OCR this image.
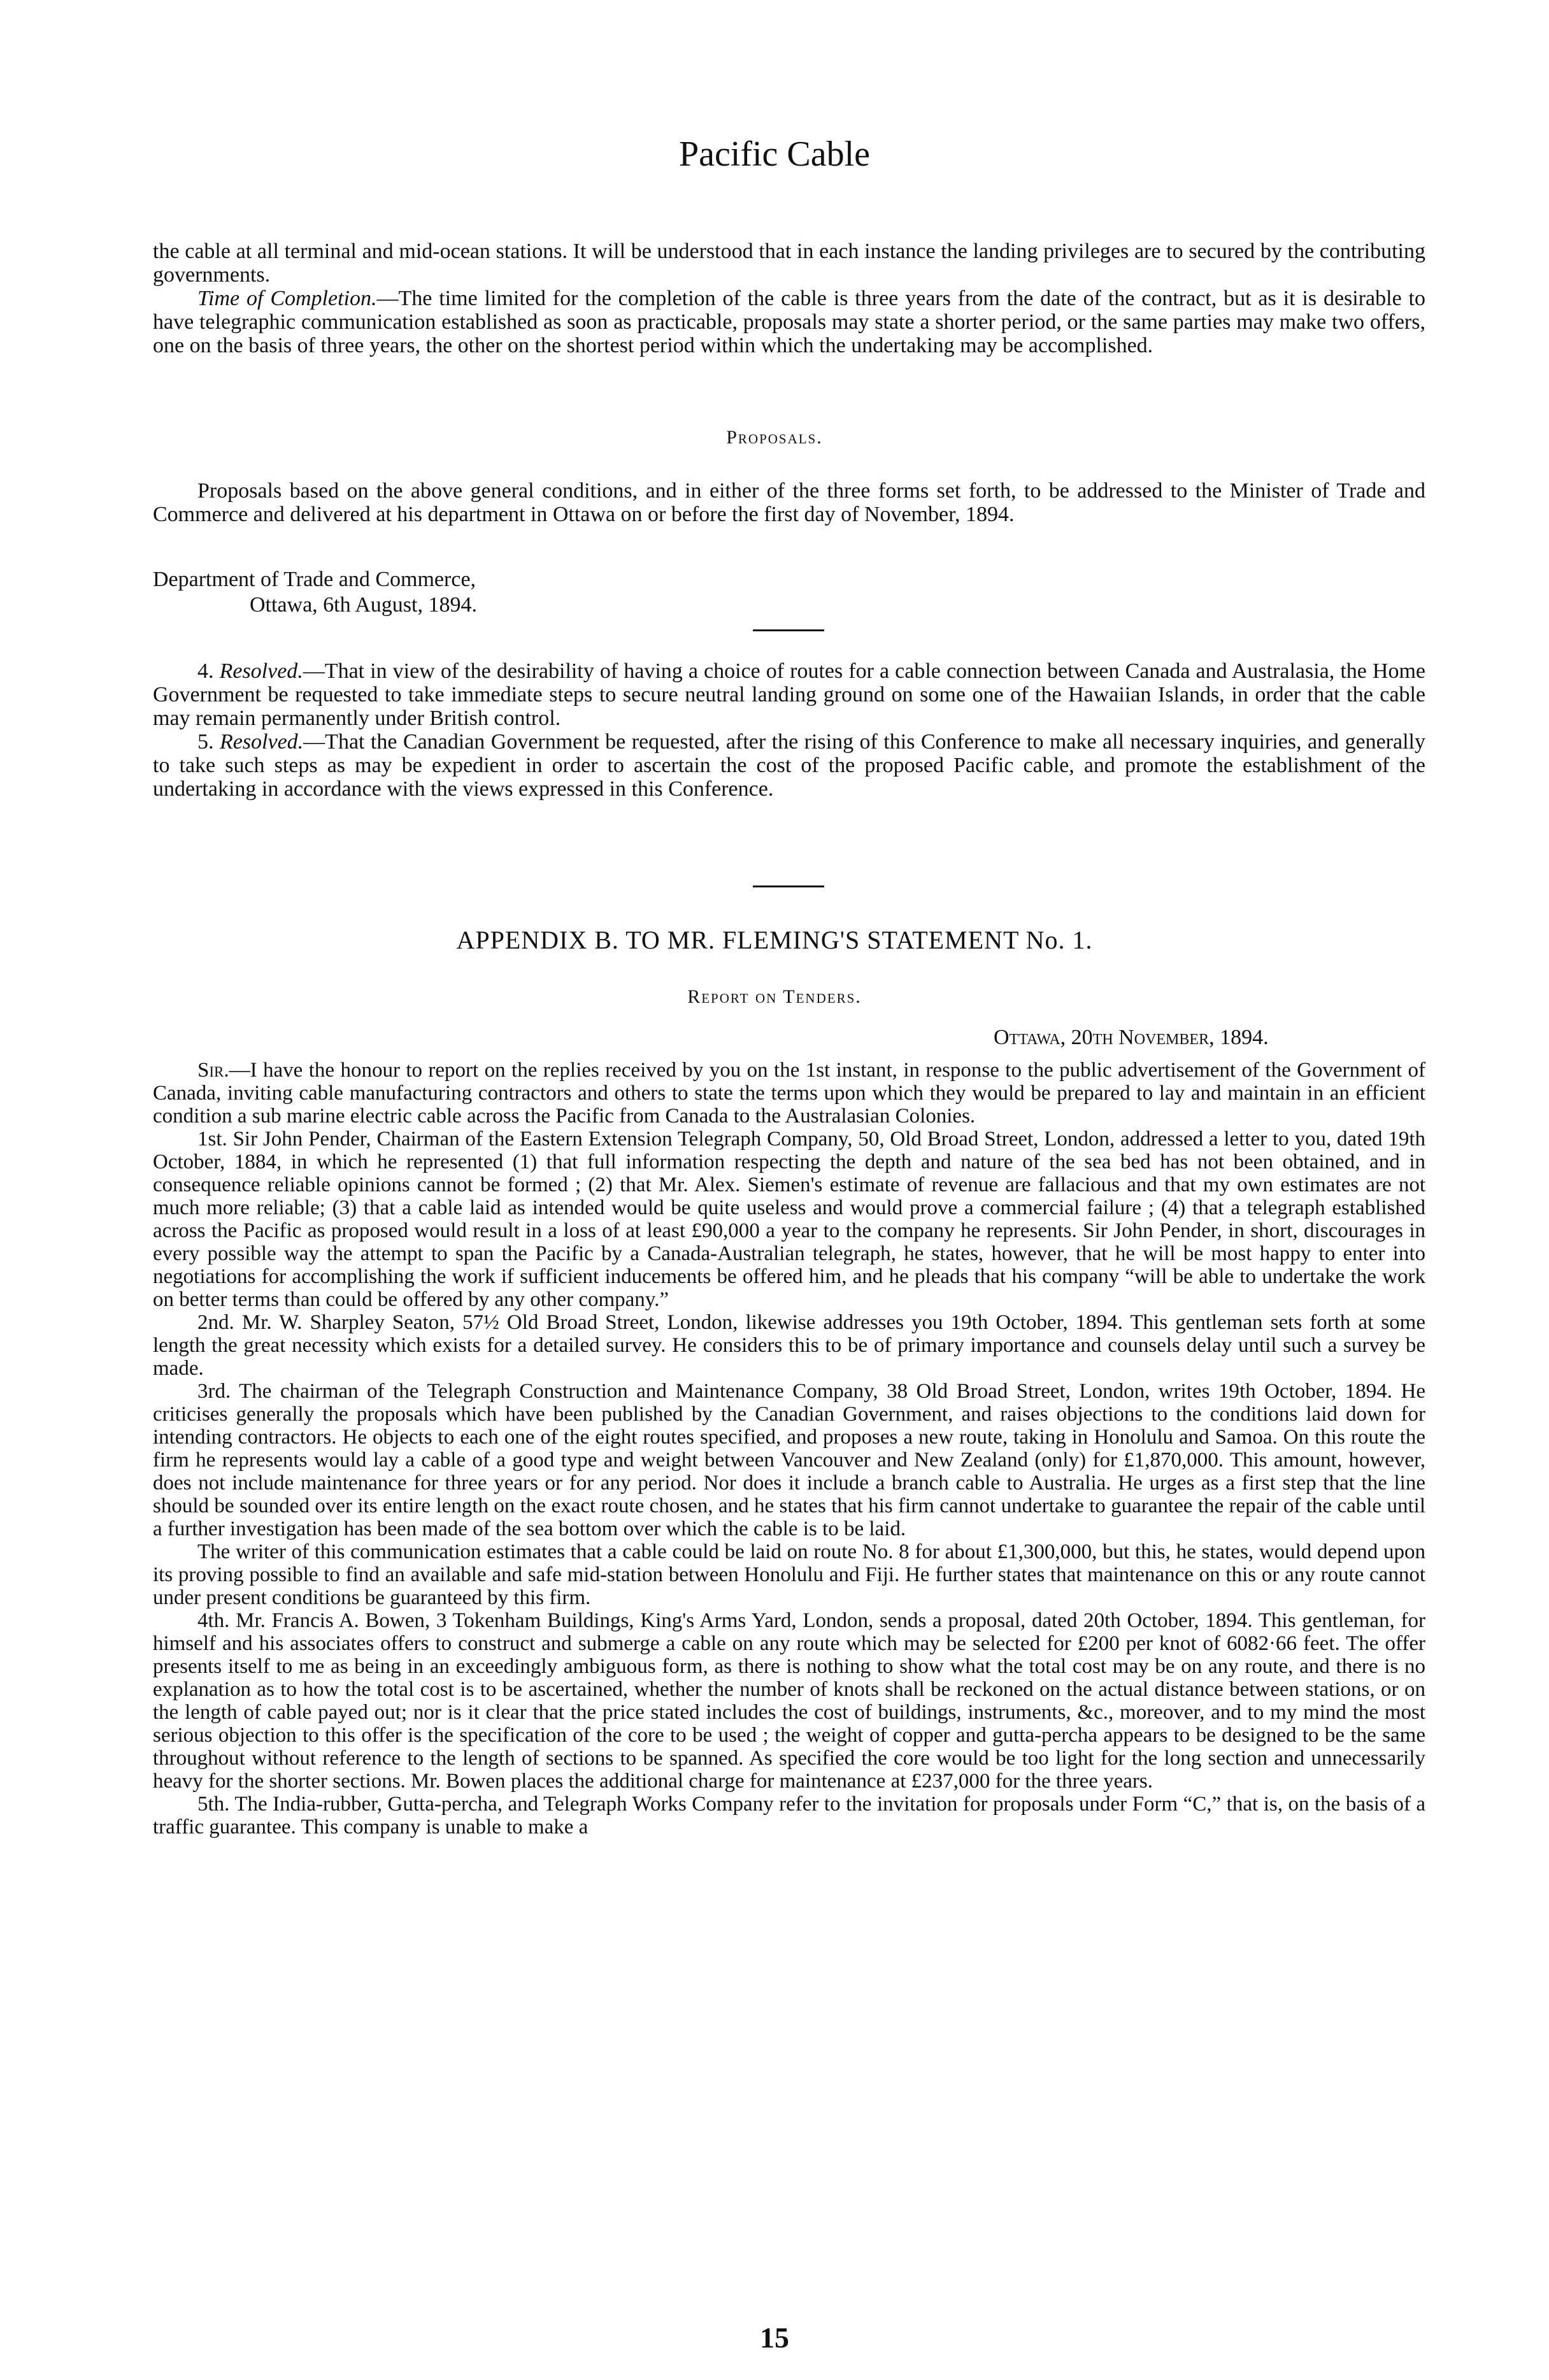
Pacific Cable

the cable at all terminal and mid-ocean stations. It will be understood that in each instance the landing privileges are to secured by the contributing governments.

Time of Completion.—The time limited for the completion of the cable is three years from the date of the contract, but as it is desirable to have telegraphic communication established as soon as practicable, proposals may state a shorter period, or the same parties may make two offers, one on the basis of three years, the other on the shortest period within which the undertaking may be accomplished.

Proposals.

Proposals based on the above general conditions, and in either of the three forms set forth, to be addressed to the Minister of Trade and Commerce and delivered at his department in Ottawa on or before the first day of November, 1894.

Department of Trade and Commerce,
Ottawa, 6th August, 1894.

4. Resolved.—That in view of the desirability of having a choice of routes for a cable connection between Canada and Australasia, the Home Government be requested to take immediate steps to secure neutral landing ground on some one of the Hawaiian Islands, in order that the cable may remain permanently under British control.

5. Resolved.—That the Canadian Government be requested, after the rising of this Conference to make all necessary inquiries, and generally to take such steps as may be expedient in order to ascertain the cost of the proposed Pacific cable, and promote the establishment of the undertaking in accordance with the views expressed in this Conference.

APPENDIX B. TO MR. FLEMING'S STATEMENT No. 1.
Report on Tenders.
Ottawa, 20th November, 1894.

Sir.—I have the honour to report on the replies received by you on the 1st instant, in response to the public advertisement of the Government of Canada, inviting cable manufacturing contractors and others to state the terms upon which they would be prepared to lay and maintain in an efficient condition a sub marine electric cable across the Pacific from Canada to the Australasian Colonies.

1st. Sir John Pender, Chairman of the Eastern Extension Telegraph Company, 50, Old Broad Street, London, addressed a letter to you, dated 19th October, 1884, in which he represented (1) that full information respecting the depth and nature of the sea bed has not been obtained, and in consequence reliable opinions cannot be formed ; (2) that Mr. Alex. Siemen's estimate of revenue are fallacious and that my own estimates are not much more reliable; (3) that a cable laid as intended would be quite useless and would prove a commercial failure ; (4) that a telegraph established across the Pacific as proposed would result in a loss of at least £90,000 a year to the company he represents. Sir John Pender, in short, discourages in every possible way the attempt to span the Pacific by a Canada-Australian telegraph, he states, however, that he will be most happy to enter into negotiations for accomplishing the work if sufficient inducements be offered him, and he pleads that his company “will be able to undertake the work on better terms than could be offered by any other company.”

2nd. Mr. W. Sharpley Seaton, 57½ Old Broad Street, London, likewise addresses you 19th October, 1894. This gentleman sets forth at some length the great necessity which exists for a detailed survey. He considers this to be of primary importance and counsels delay until such a survey be made.

3rd. The chairman of the Telegraph Construction and Maintenance Company, 38 Old Broad Street, London, writes 19th October, 1894. He criticises generally the proposals which have been published by the Canadian Government, and raises objections to the conditions laid down for intending contractors. He objects to each one of the eight routes specified, and proposes a new route, taking in Honolulu and Samoa. On this route the firm he represents would lay a cable of a good type and weight between Vancouver and New Zealand (only) for £1,870,000. This amount, however, does not include maintenance for three years or for any period. Nor does it include a branch cable to Australia. He urges as a first step that the line should be sounded over its entire length on the exact route chosen, and he states that his firm cannot undertake to guarantee the repair of the cable until a further investigation has been made of the sea bottom over which the cable is to be laid.

The writer of this communication estimates that a cable could be laid on route No. 8 for about £1,300,000, but this, he states, would depend upon its proving possible to find an available and safe mid-station between Honolulu and Fiji. He further states that maintenance on this or any route cannot under present conditions be guaranteed by this firm.

4th. Mr. Francis A. Bowen, 3 Tokenham Buildings, King's Arms Yard, London, sends a proposal, dated 20th October, 1894. This gentleman, for himself and his associates offers to construct and submerge a cable on any route which may be selected for £200 per knot of 6082·66 feet. The offer presents itself to me as being in an exceedingly ambiguous form, as there is nothing to show what the total cost may be on any route, and there is no explanation as to how the total cost is to be ascertained, whether the number of knots shall be reckoned on the actual distance between stations, or on the length of cable payed out; nor is it clear that the price stated includes the cost of buildings, instruments, &c., moreover, and to my mind the most serious objection to this offer is the specification of the core to be used ; the weight of copper and gutta-percha appears to be designed to be the same throughout without reference to the length of sections to be spanned. As specified the core would be too light for the long section and unnecessarily heavy for the shorter sections. Mr. Bowen places the additional charge for maintenance at £237,000 for the three years.

5th. The India-rubber, Gutta-percha, and Telegraph Works Company refer to the invitation for proposals under Form “C,” that is, on the basis of a traffic guarantee. This company is unable to make a

15
